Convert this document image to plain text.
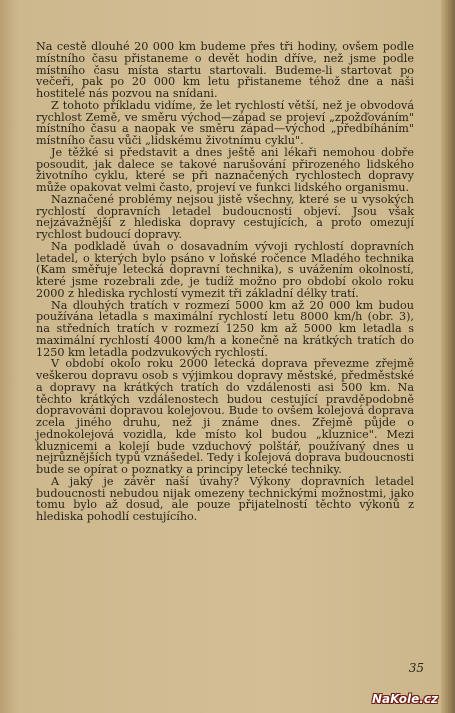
Na cestě dlouhé 20 000 km budeme přes tři hodiny, ovšem podle místního času přistaneme o devět hodin dříve, než jsme podle místního času místa startu startovali. Budeme-li startovat po večeři, pak po 20 000 km letu přistaneme téhož dne a naši hostitelé nás pozvou na snídani.

Z tohoto příkladu vidíme, že let rychlostí větší, než je obvodová rychlost Země, ve směru východ—západ se projeví „zpožďováním" místního času a naopak ve směru západ—východ „předbíháním" místního času vůči „lidskému životnímu cyklu".

Je těžké si představit a dnes ještě ani lékaři nemohou dobře posoudit, jak dalece se takové narušování přirozeného lidského životního cyklu, které se při naznačených rychlostech dopravy může opakovat velmi často, projeví ve funkci lidského organismu.

Naznačené problémy nejsou jistě všechny, které se u vysokých rychlostí dopravních letadel budoucnosti objeví. Jsou však nejzávažnější z hlediska dopravy cestujících, a proto omezují rychlost budoucí dopravy.

Na podkladě úvah o dosavadním vývoji rychlostí dopravních letadel, o kterých bylo psáno v loňské ročence Mladého technika (Kam směřuje letecká dopravní technika), s uvážením okolností, které jsme rozebrali zde, je tudíž možno pro období okolo roku 2000 z hlediska rychlostí vymezit tři základní délky tratí.

Na dlouhých tratích v rozmezí 5000 km až 20 000 km budou používána letadla s maximální rychlostí letu 8000 km/h (obr. 3), na středních tratích v rozmezí 1250 km až 5000 km letadla s maximální rychlostí 4000 km/h a konečně na krátkých tratích do 1250 km letadla podzvukových rychlostí.

V období okolo roku 2000 letecká doprava převezme zřejmě veškerou dopravu osob s výjimkou dopravy městské, předměstské a dopravy na krátkých tratích do vzdálenosti asi 500 km. Na těchto krátkých vzdálenostech budou cestující pravděpodobně dopravováni dopravou kolejovou. Bude to ovšem kolejová doprava zcela jiného druhu, než ji známe dnes. Zřejmě půjde o jednokolejová vozidla, kde místo kol budou „kluznice". Mezi kluznicemi a kolejí bude vzduchový polštář, používaný dnes u nejrůznějších typů vznášedel. Tedy i kolejová doprava budoucnosti bude se opírat o poznatky a principy letecké techniky.

A jaký je závěr naší úvahy? Výkony dopravních letadel budoucnosti nebudou nijak omezeny technickými možnostmi, jako tomu bylo až dosud, ale pouze přijatelností těchto výkonů z hlediska pohodlí cestujícího.

35
NaKole.cz
